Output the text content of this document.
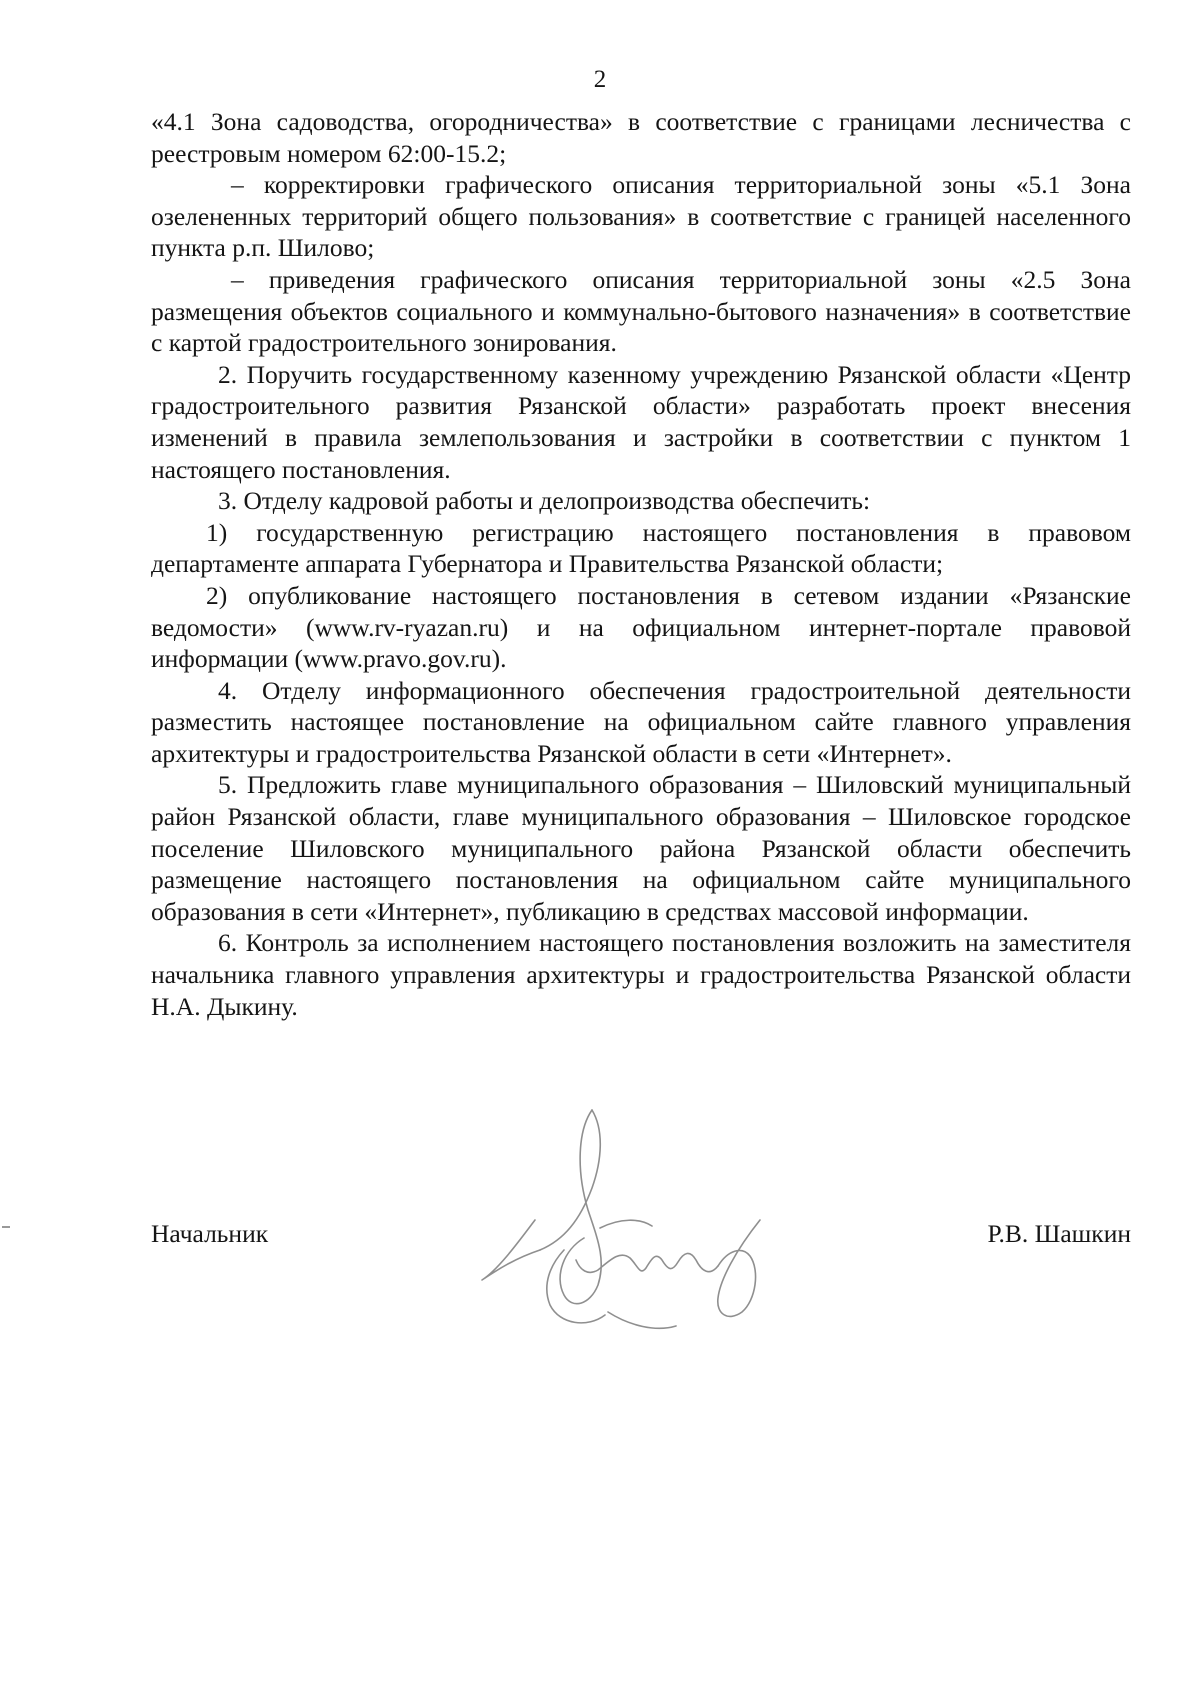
2

«4.1 Зона садоводства, огородничества» в соответствие с границами лесничества с реестровым номером 62:00-15.2;

– корректировки графического описания территориальной зоны «5.1 Зона озелененных территорий общего пользования» в соответствие с границей населенного пункта р.п. Шилово;

– приведения графического описания территориальной зоны «2.5 Зона размещения объектов социального и коммунально-бытового назначения» в соответствие с картой градостроительного зонирования.

2. Поручить государственному казенному учреждению Рязанской области «Центр градостроительного развития Рязанской области» разработать проект внесения изменений в правила землепользования и застройки в соответствии с пунктом 1 настоящего постановления.

3. Отделу кадровой работы и делопроизводства обеспечить:

1) государственную регистрацию настоящего постановления в правовом департаменте аппарата Губернатора и Правительства Рязанской области;

2) опубликование настоящего постановления в сетевом издании «Рязанские ведомости» (www.rv-ryazan.ru) и на официальном интернет-портале правовой информации (www.pravo.gov.ru).

4. Отделу информационного обеспечения градостроительной деятельности разместить настоящее постановление на официальном сайте главного управления архитектуры и градостроительства Рязанской области в сети «Интернет».

5. Предложить главе муниципального образования – Шиловский муниципальный район Рязанской области, главе муниципального образования – Шиловское городское поселение Шиловского муниципального района Рязанской области обеспечить размещение настоящего постановления на официальном сайте муниципального образования в сети «Интернет», публикацию в средствах массовой информации.

6. Контроль за исполнением настоящего постановления возложить на заместителя начальника главного управления архитектуры и градостроительства Рязанской области Н.А. Дыкину.

Начальник	Р.В. Шашкин
